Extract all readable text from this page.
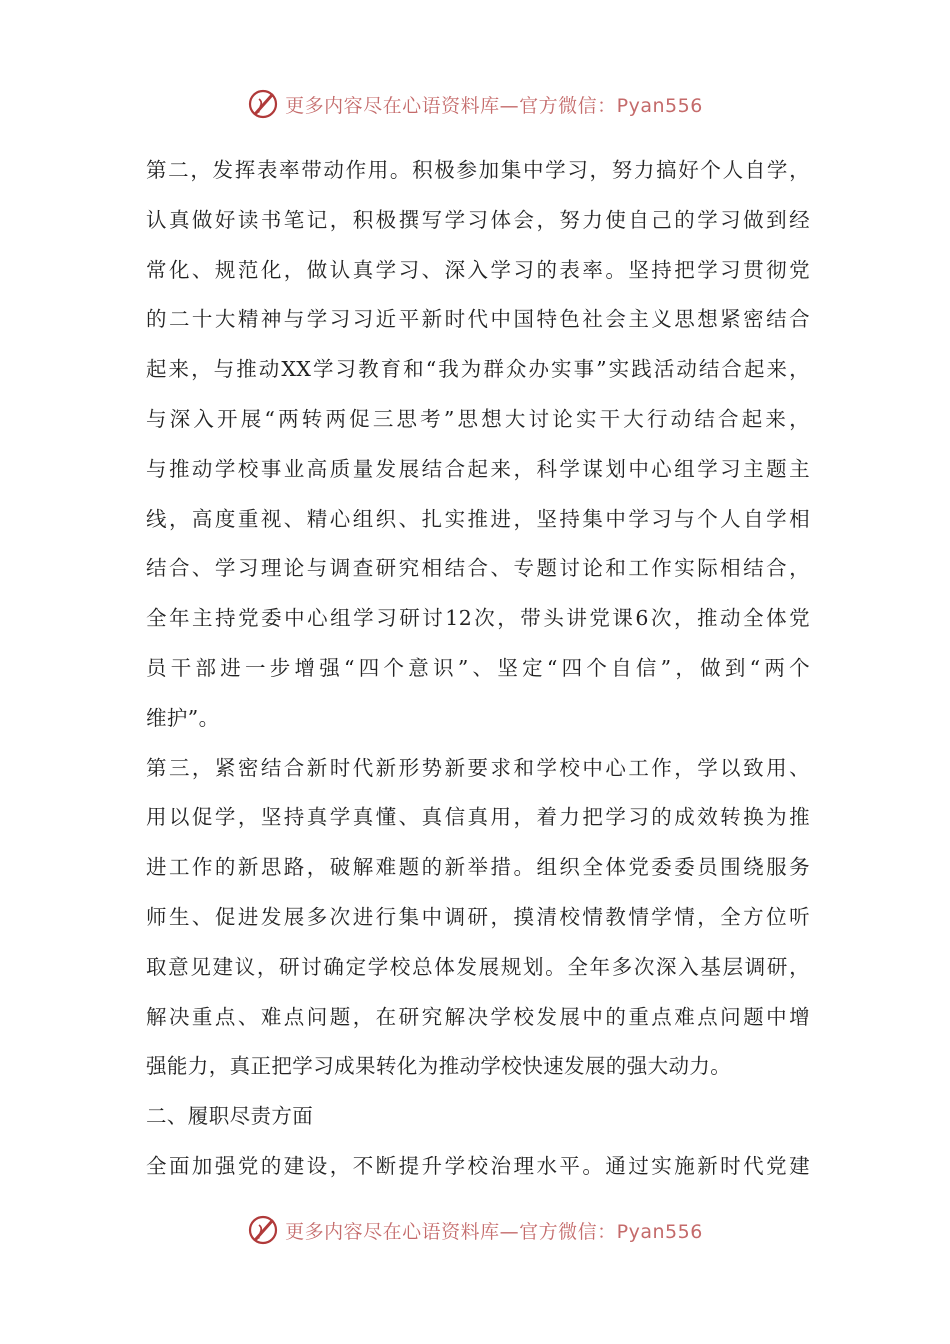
更多内容尽在心语资料库—官方微信：Pyan556
第二，发挥表率带动作用。积极参加集中学习，努力搞好个人自学，
认真做好读书笔记，积极撰写学习体会，努力使自己的学习做到经
常化、规范化，做认真学习、深入学习的表率。坚持把学习贯彻党
的二十大精神与学习习近平新时代中国特色社会主义思想紧密结合
起来，与推动XX学习教育和“我为群众办实事”实践活动结合起来，
与深入开展“两转两促三思考”思想大讨论实干大行动结合起来，
与推动学校事业高质量发展结合起来，科学谋划中心组学习主题主
线，高度重视、精心组织、扎实推进，坚持集中学习与个人自学相
结合、学习理论与调查研究相结合、专题讨论和工作实际相结合，
全年主持党委中心组学习研讨12次，带头讲党课6次，推动全体党
员干部进一步增强“四个意识”、坚定“四个自信”，做到“两个
维护”。
第三，紧密结合新时代新形势新要求和学校中心工作，学以致用、
用以促学，坚持真学真懂、真信真用，着力把学习的成效转换为推
进工作的新思路，破解难题的新举措。组织全体党委委员围绕服务
师生、促进发展多次进行集中调研，摸清校情教情学情，全方位听
取意见建议，研讨确定学校总体发展规划。全年多次深入基层调研，
解决重点、难点问题，在研究解决学校发展中的重点难点问题中增
强能力，真正把学习成果转化为推动学校快速发展的强大动力。
二、履职尽责方面
全面加强党的建设，不断提升学校治理水平。通过实施新时代党建
更多内容尽在心语资料库—官方微信：Pyan556
